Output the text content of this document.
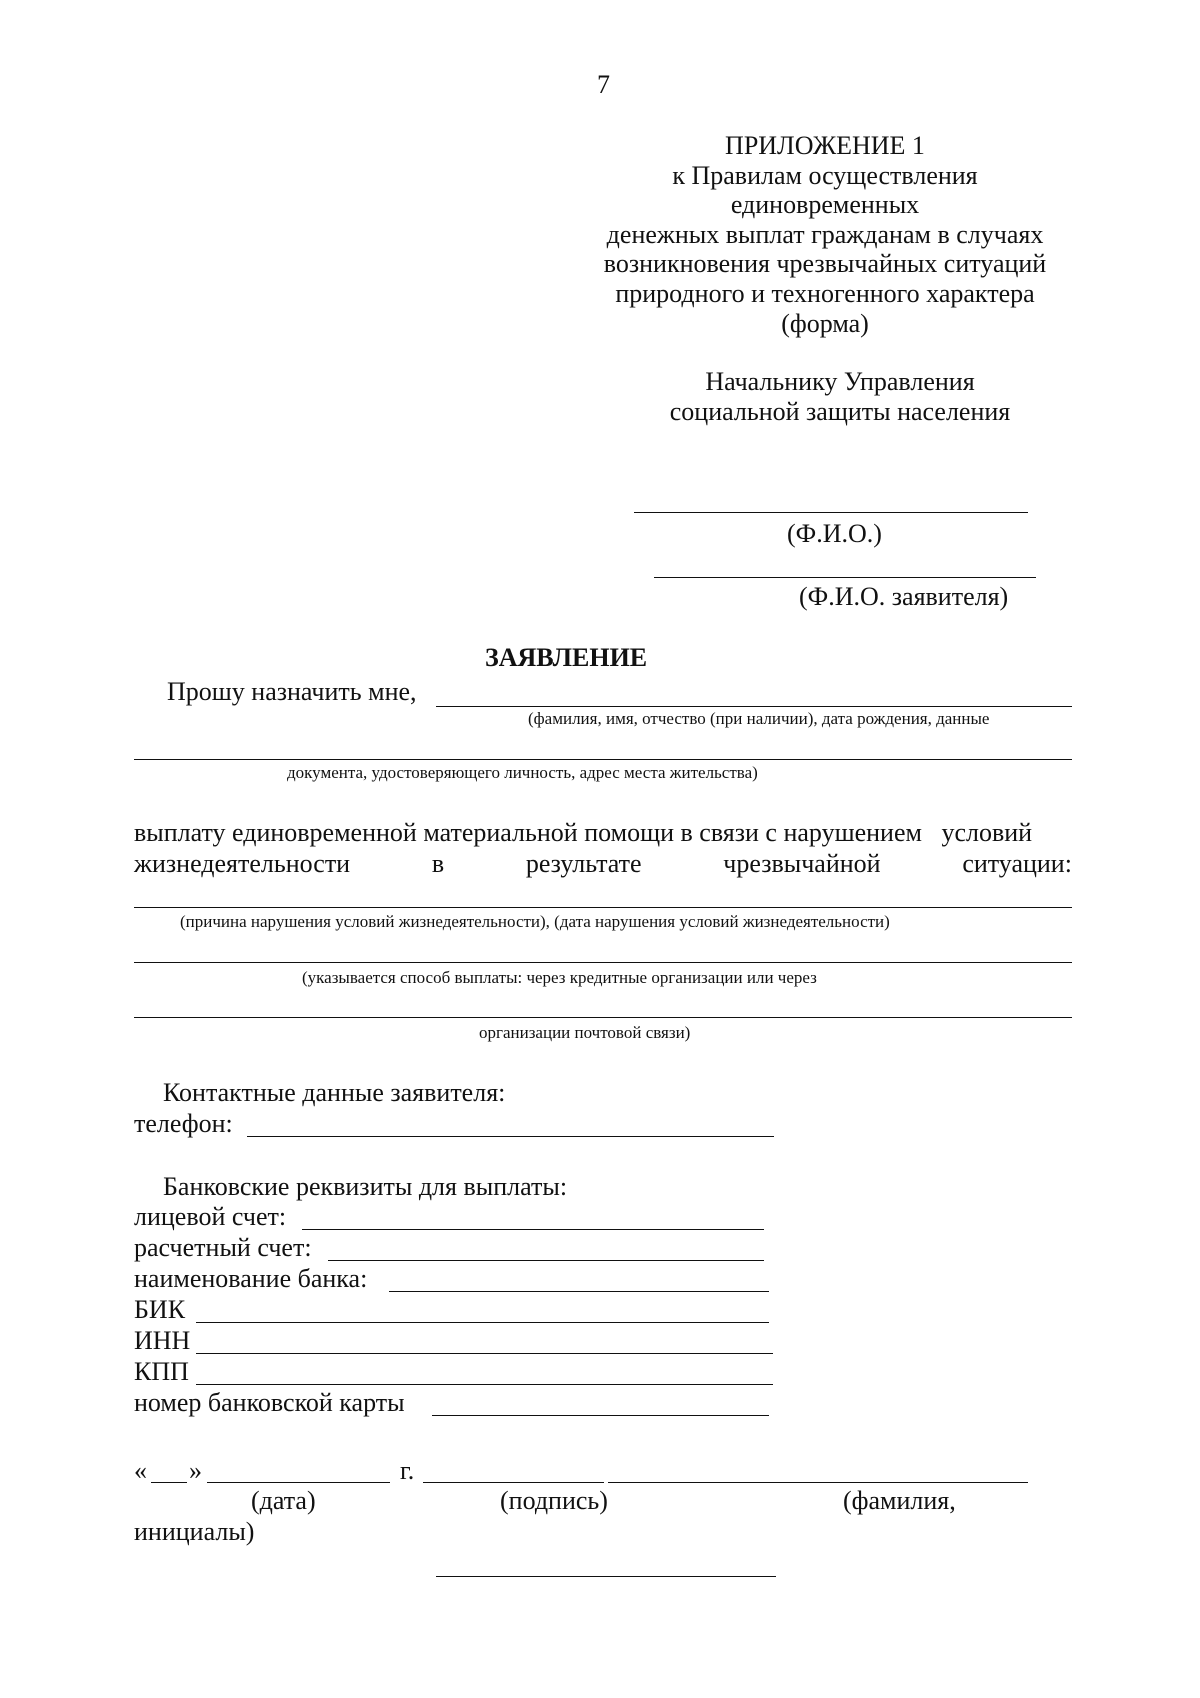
7
ПРИЛОЖЕНИЕ 1
к Правилам осуществления
единовременных
денежных выплат гражданам в случаях
возникновения чрезвычайных ситуаций
природного и техногенного характера
(форма)
Начальнику Управления
социальной защиты населения
(Ф.И.О.)
(Ф.И.О. заявителя)
ЗАЯВЛЕНИЕ
Прошу назначить мне,
(фамилия, имя, отчество (при наличии), дата рождения, данные
документа, удостоверяющего личность, адрес места жительства)
выплату единовременной материальной помощи в связи с нарушением   условий
жизнедеятельности	в	результате	чрезвычайной	ситуации:
(причина нарушения условий жизнедеятельности), (дата нарушения условий жизнедеятельности)
(указывается способ выплаты: через кредитные организации или через
организации почтовой связи)
Контактные данные заявителя:
телефон:
Банковские реквизиты для выплаты:
лицевой счет:
расчетный счет:
наименование банка:
БИК
ИНН
КПП
номер банковской карты
« »	г.
(дата)	(подпись)	(фамилия,
инициалы)
